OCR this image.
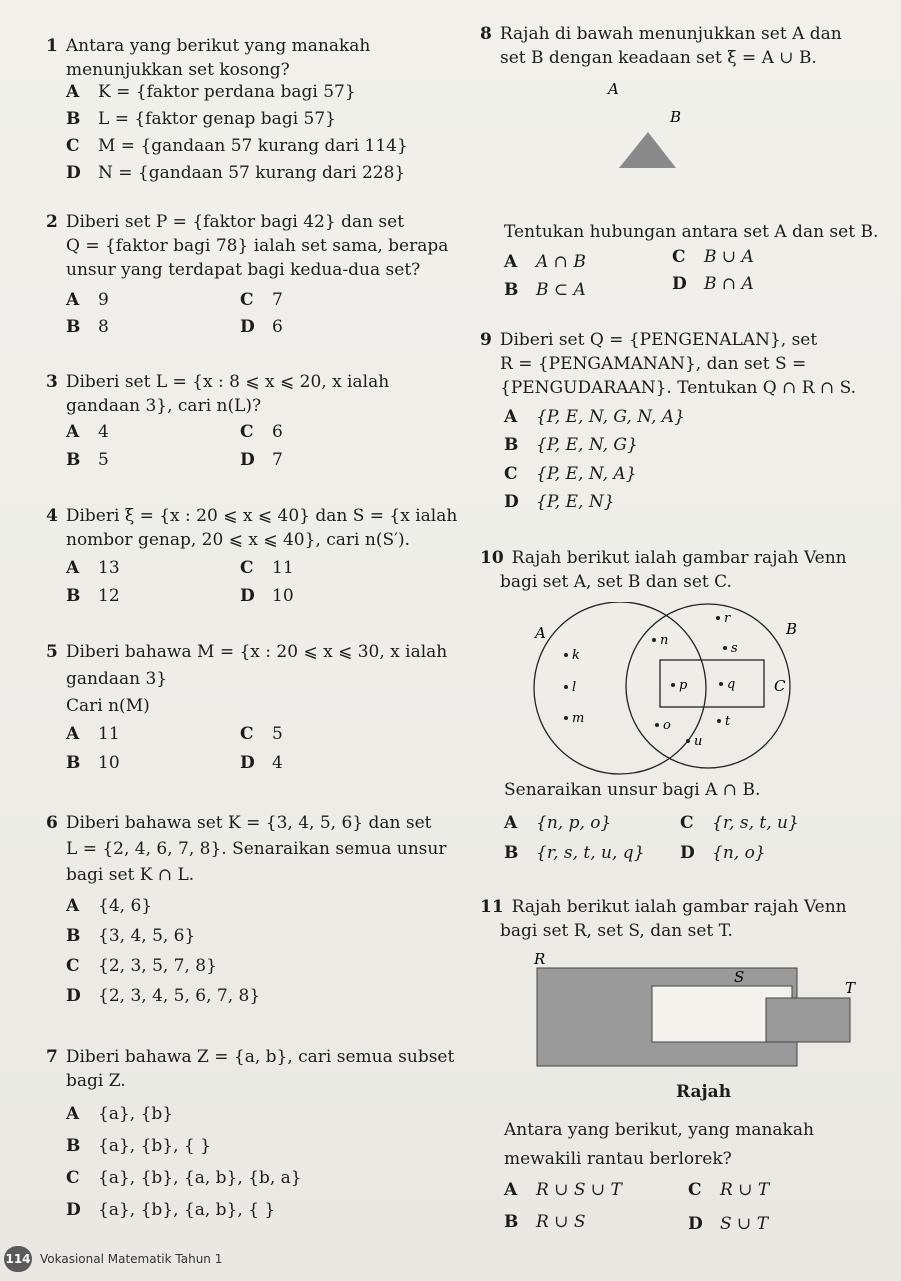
1 Antara yang berikut yang manakah
menunjukkan set kosong?
A K = {faktor perdana bagi 57}
B L = {faktor genap bagi 57}
C M = {gandaan 57 kurang dari 114}
D N = {gandaan 57 kurang dari 228}
2 Diberi set P = {faktor bagi 42} dan set
Q = {faktor bagi 78} ialah set sama, berapa
unsur yang terdapat bagi kedua-dua set?
A 9	C 7
B 8	D 6
3 Diberi set L = {x : 8 ⩽ x ⩽ 20, x ialah
gandaan 3}, cari n(L)?
A 4	C 6
B 5	D 7
4 Diberi ξ = {x : 20 ⩽ x ⩽ 40} dan S = {x ialah
nombor genap, 20 ⩽ x ⩽ 40}, cari n(S′).
A 13	C 11
B 12	D 10
5 Diberi bahawa M = {x : 20 ⩽ x ⩽ 30, x ialah
gandaan 3}
Cari n(M)
A 11	C 5
B 10	D 4
6 Diberi bahawa set K = {3, 4, 5, 6} dan set
L = {2, 4, 6, 7, 8}. Senaraikan semua unsur
bagi set K ∩ L.
A {4, 6}
B {3, 4, 5, 6}
C {2, 3, 5, 7, 8}
D {2, 3, 4, 5, 6, 7, 8}
7 Diberi bahawa Z = {a, b}, cari semua subset
bagi Z.
A {a}, {b}
B {a}, {b}, { }
C {a}, {b}, {a, b}, {b, a}
D {a}, {b}, {a, b}, { }
8 Rajah di bawah menunjukkan set A dan
set B dengan keadaan set ξ = A ∪ B.
A
B
Tentukan hubungan antara set A dan set B.
A A ∩ B	C B ∪ A
B B ⊂ A	D B ∩ A
9 Diberi set Q = {PENGENALAN}, set
R = {PENGAMANAN}, dan set S =
{PENGUDARAAN}. Tentukan Q ∩ R ∩ S.
A {P, E, N, G, N, A}
B {P, E, N, G}
C {P, E, N, A}
D {P, E, N}
10 Rajah berikut ialah gambar rajah Venn
bagi set A, set B dan set C.
A	B
C
r
n
s
k
l	p	q
m	o	t
u
Senaraikan unsur bagi A ∩ B.
A {n, p, o}	C {r, s, t, u}
B {r, s, t, u, q} D {n, o}
11 Rajah berikut ialah gambar rajah Venn
bagi set R, set S, dan set T.
R
S
T
Rajah
Antara yang berikut, yang manakah
mewakili rantau berlorek?
A R ∪ S ∪ T	C R ∪ T
B R ∪ S	D S ∪ T
114 Vokasional Matematik Tahun 1
